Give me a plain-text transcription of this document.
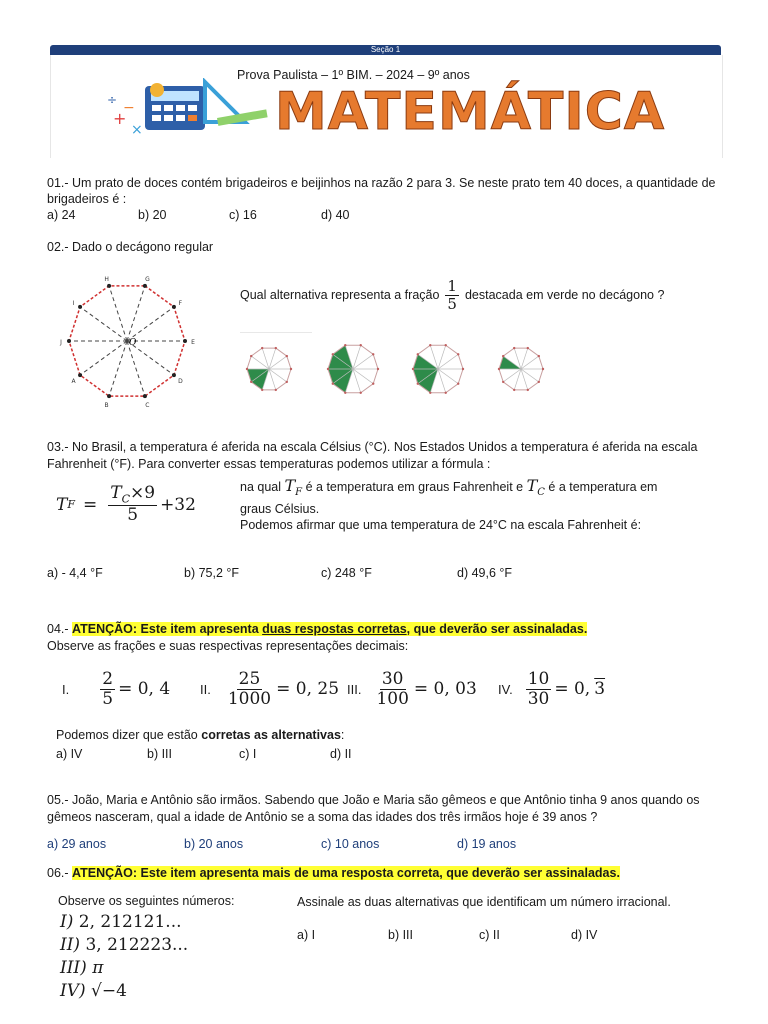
Seção 1
+
−
×
÷
Prova Paulista – 1º BIM. – 2024 – 9º anos
MATEMÁTICA
01.- Um prato de doces contém brigadeiros e beijinhos na razão 2 para 3. Se neste prato tem 40 doces, a quantidade de brigadeiros é :
a) 24	b) 20	c) 16	d) 40
02.- Dado o decágono regular
A
B	C
D
E
F
G
H
I
J	O
Qual alternativa representa a fração $\frac{1}{5}$ destacada em verde no decágono ?
03.- No Brasil, a temperatura é aferida na escala Célsius (°C). Nos Estados Unidos a temperatura é aferida na escala Fahrenheit (°F). Para converter essas temperaturas podemos utilizar a fórmula :
T $F = \frac{T_C\times 9}{5} +32$
na qual $T_F$ é a temperatura em graus Fahrenheit e $T_C$ é a temperatura em
graus Célsius.
Podemos afirmar que uma temperatura de 24°C na escala Fahrenheit é:
a) - 4,4 °F	b) 75,2 °F	c) 248 °F	d) 49,6 °F
04.- ATENÇÃO: Este item apresenta duas respostas corretas, que deverão ser assinaladas.
Observe as frações e suas respectivas representações decimais:
I. $\frac{2}{5} = 0$, 4 II. $\frac{25}{1000} = 0$, 25 III. $\frac{30}{100} = 0$, 03 IV. $\frac{10}{30} = 0$, 3
Podemos dizer que estão corretas as alternativas:
a) IV	b) III	c) I	d) II
05.- João, Maria e Antônio são irmãos. Sabendo que João e Maria são gêmeos e que Antônio tinha 9 anos quando os gêmeos nasceram, qual a idade de Antônio se a soma das idades dos três irmãos hoje é 39 anos ?
a) 29 anos	b) 20 anos	c) 10 anos	d) 19 anos
06.- ATENÇÃO: Este item apresenta mais de uma resposta correta, que deverão ser assinaladas.
Observe os seguintes números:
I) 2, 212121...
II) 3, 212223...
III) π
IV) √−4
Assinale as duas alternativas que identificam um número irracional.
a) I	b) III	c) II	d) IV
